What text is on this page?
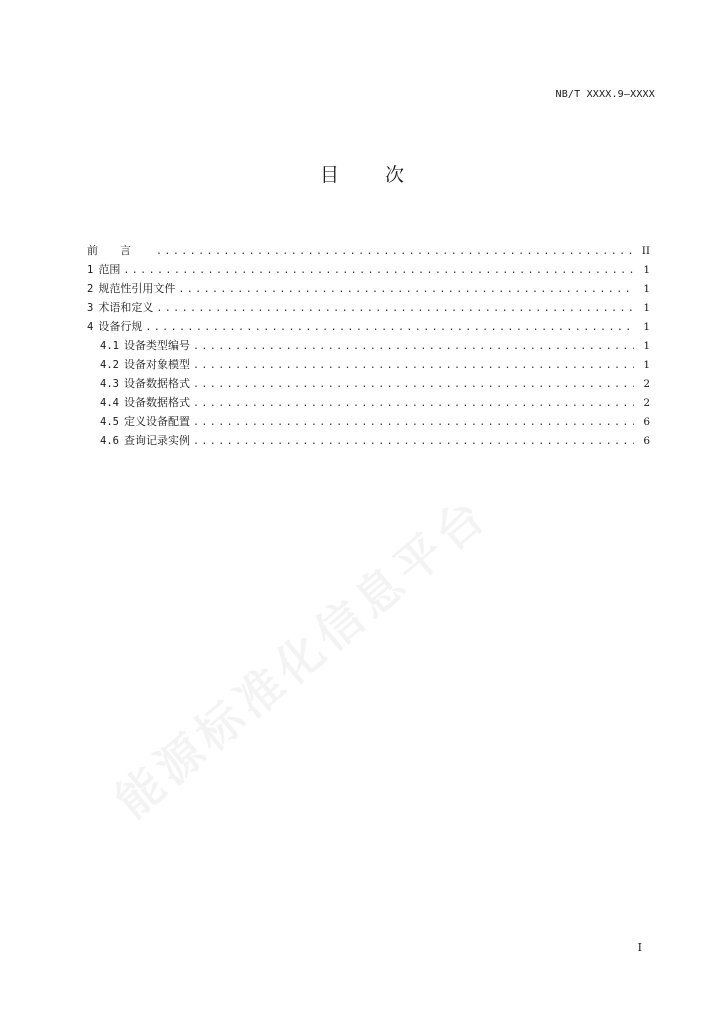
NB/T XXXX.9—XXXX
目 次
前言 .....	II
1 范围 .....	1
2 规范性引用文件 .....	1
3 术语和定义 .....	1
4 设备行规 .....	1
4.1 设备类型编号 .....	1
4.2 设备对象模型 .....	1
4.3 设备数据格式 .....	2
4.4 设备数据格式 .....	2
4.5 定义设备配置 .....	6
4.6 查询记录实例 .....	6
I
